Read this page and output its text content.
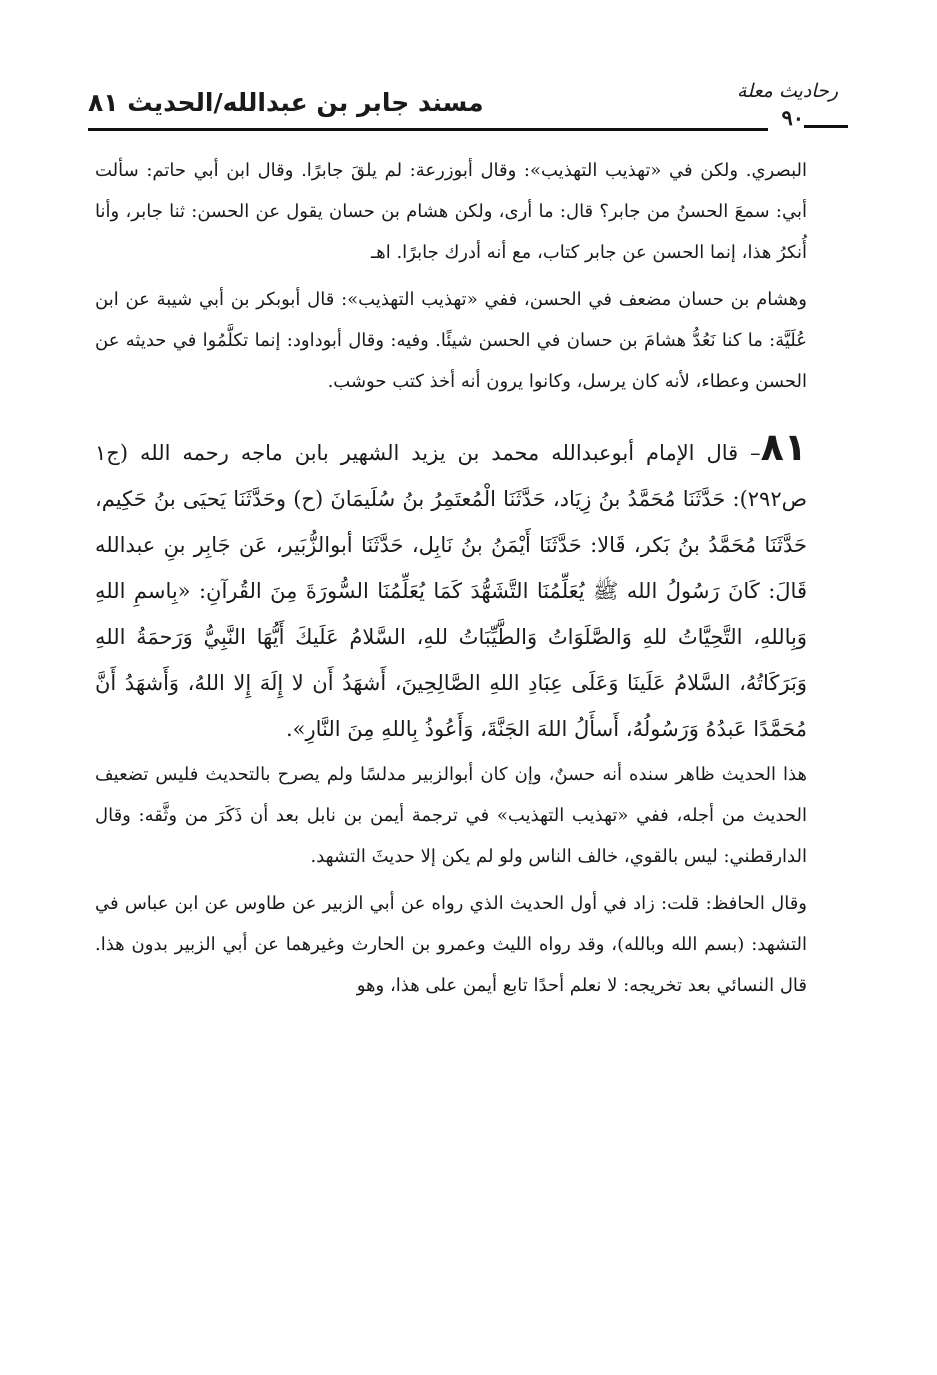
رحاديث معلة
٩٠
مسند جابر بن عبدالله/الحديث ٨١

البصري. ولكن في «تهذيب التهذيب»: وقال أبوزرعة: لم يلقَ جابرًا. وقال ابن أبي حاتم: سألت أبي: سمعَ الحسنُ من جابر؟ قال: ما أرى، ولكن هشام بن حسان يقول عن الحسن: ثنا جابر، وأنا أُنكرُ هذا، إنما الحسن عن جابر كتاب، مع أنه أدرك جابرًا. اهـ

وهشام بن حسان مضعف في الحسن، ففي «تهذيب التهذيب»: قال أبوبكر بن أبي شيبة عن ابن عُلَيَّة: ما كنا نَعُدُّ هشامَ بن حسان في الحسن شيئًا. وفيه: وقال أبوداود: إنما تكلَّمُوا في حديثه عن الحسن وعطاء، لأنه كان يرسل، وكانوا يرون أنه أخذ كتب حوشب.

٨١– قال الإمام أبوعبدالله محمد بن يزيد الشهير بابن ماجه رحمه الله (ج١ ص٢٩٢): حَدَّثَنَا مُحَمَّدُ بنُ زِيَاد، حَدَّثَنَا الْمُعتَمِرُ بنُ سُلَيمَانَ (ح) وحَدَّثَنَا يَحيَى بنُ حَكِيم، حَدَّثَنَا مُحَمَّدُ بنُ بَكر، قَالا: حَدَّثَنَا أَيْمَنُ بنُ نَابِل، حَدَّثَنَا أبوالزُّبَير، عَن جَابِر بنِ عبدالله قَالَ: كَانَ رَسُولُ الله ﷺ يُعَلِّمُنَا التَّشَهُّدَ كَمَا يُعَلِّمُنَا السُّورَةَ مِنَ القُرآنِ: «بِاسمِ اللهِ وَبِاللهِ، التَّحِيَّاتُ للهِ وَالصَّلَوَاتُ وَالطَّيِّبَاتُ للهِ، السَّلامُ عَلَيكَ أَيُّهَا النَّبِيُّ وَرَحمَةُ اللهِ وَبَرَكَاتُهُ، السَّلامُ عَلَينَا وَعَلَى عِبَادِ اللهِ الصَّالِحِينَ، أَشهَدُ أَن لا إِلَهَ إِلا اللهُ، وَأَشهَدُ أَنَّ مُحَمَّدًا عَبدُهُ وَرَسُولُهُ، أَسأَلُ اللهَ الجَنَّةَ، وَأَعُوذُ بِاللهِ مِنَ النَّارِ».

هذا الحديث ظاهر سنده أنه حسنٌ، وإن كان أبوالزبير مدلسًا ولم يصرح بالتحديث فليس تضعيف الحديث من أجله، ففي «تهذيب التهذيب» في ترجمة أيمن بن نابل بعد أن ذَكَرَ من وثَّقه: وقال الدارقطني: ليس بالقوي، خالف الناس ولو لم يكن إلا حديثَ التشهد.

وقال الحافظ: قلت: زاد في أول الحديث الذي رواه عن أبي الزبير عن طاوس عن ابن عباس في التشهد: (بسم الله وبالله)، وقد رواه الليث وعمرو بن الحارث وغيرهما عن أبي الزبير بدون هذا. قال النسائي بعد تخريجه: لا نعلم أحدًا تابع أيمن على هذا، وهو
